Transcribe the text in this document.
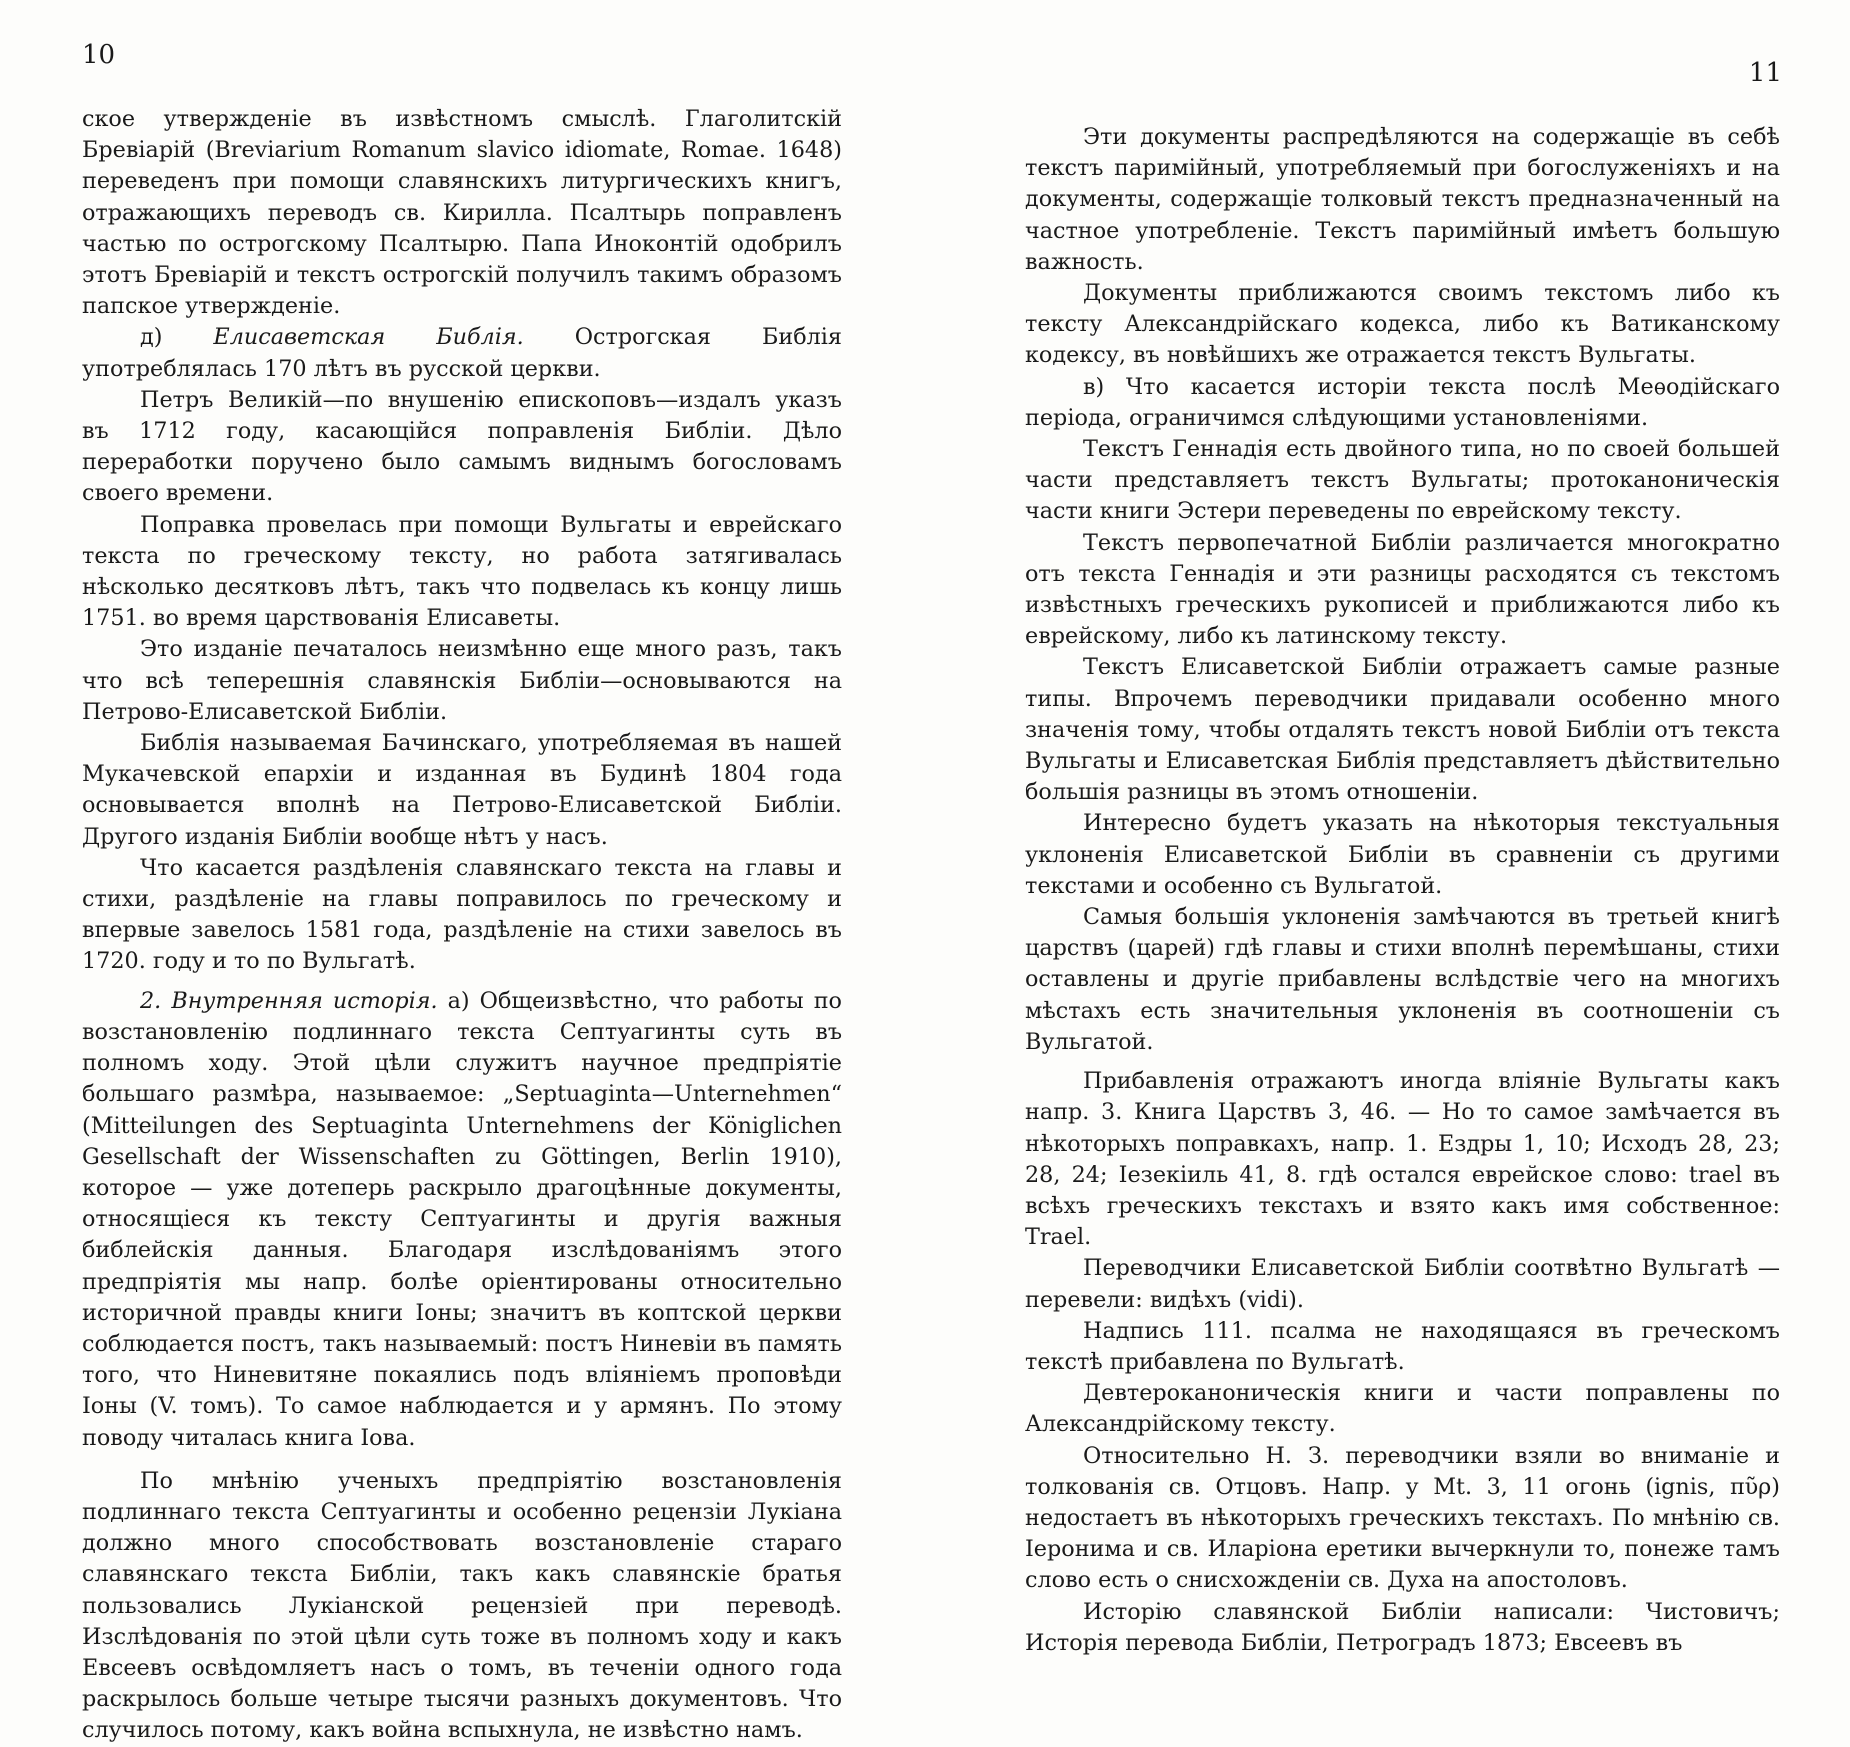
10

ское утвержденіе въ извѣстномъ смыслѣ. Глаголитскій Бревіарій (Breviarium Romanum slavico idiomate, Romae. 1648) переведенъ при помощи славянскихъ литургическихъ книгъ, отражающихъ переводъ св. Кирилла. Псалтырь поправленъ частью по острогскому Псалтырю. Папа Иноконтій одобрилъ этотъ Бревіарій и текстъ острогскій получилъ такимъ образомъ папское утвержденіе.

д) Елисаветская Библія. Острогская Библія употреблялась 170 лѣтъ въ русской церкви.

Петръ Великій—по внушенію епископовъ—издалъ указъ въ 1712 году, касающійся поправленія Библіи. Дѣло переработки поручено было самымъ виднымъ богословамъ своего времени.

Поправка провелась при помощи Вульгаты и еврейскаго текста по греческому тексту, но работа затягивалась нѣсколько десятковъ лѣтъ, такъ что подвелась къ концу лишь 1751. во время царствованія Елисаветы.

Это изданіе печаталось неизмѣнно еще много разъ, такъ что всѣ теперешнія славянскія Библіи—основываются на Петрово-Елисаветской Библіи.

Библія называемая Бачинскаго, употребляемая въ нашей Мукачевской епархіи и изданная въ Будинѣ 1804 года основывается вполнѣ на Петрово-Елисаветской Библіи. Другого изданія Библіи вообще нѣтъ у насъ.

Что касается раздѣленія славянскаго текста на главы и стихи, раздѣленіе на главы поправилось по греческому и впервые завелось 1581 года, раздѣленіе на стихи завелось въ 1720. году и то по Вульгатѣ.

2. Внутренняя исторія. а) Общеизвѣстно, что работы по возстановленію подлиннаго текста Септуагинты суть въ полномъ ходу. Этой цѣли служитъ научное предпріятіе большаго размѣра, называемое: „Septuaginta—Unternehmen“ (Mitteilungen des Septuaginta Unternehmens der Königlichen Gesellschaft der Wissenschaften zu Göttingen, Berlin 1910), которое — уже дотеперь раскрыло драгоцѣнные документы, относящіеся къ тексту Септуагинты и другія важныя библейскія данныя. Благодаря изслѣдованіямъ этого предпріятія мы напр. болѣе оріентированы относительно историчной правды книги Іоны; значитъ въ коптской церкви соблюдается постъ, такъ называемый: постъ Ниневіи въ память того, что Ниневитяне покаялись подъ вліяніемъ проповѣди Іоны (V. томъ). То самое наблюдается и у армянъ. По этому поводу читалась книга Іова.

По мнѣнію ученыхъ предпріятію возстановленія подлиннаго текста Септуагинты и особенно рецензіи Лукіана должно много способствовать возстановленіе стараго славянскаго текста Библіи, такъ какъ славянскіе братья пользовались Лукіанской рецензіей при переводѣ. Изслѣдованія по этой цѣли суть тоже въ полномъ ходу и какъ Евсеевъ освѣдомляетъ насъ о томъ, въ теченіи одного года раскрылось больше четыре тысячи разныхъ документовъ. Что случилось потому, какъ война вспыхнула, не извѣстно намъ.

11

Эти документы распредѣляются на содержащіе въ себѣ текстъ паримійный, употребляемый при богослуженіяхъ и на документы, содержащіе толковый текстъ предназначенный на частное употребленіе. Текстъ паримійный имѣетъ большую важность.

Документы приближаются своимъ текстомъ либо къ тексту Александрійскаго кодекса, либо къ Ватиканскому кодексу, въ новѣйшихъ же отражается текстъ Вульгаты.

в) Что касается исторіи текста послѣ Меѳодійскаго періода, ограничимся слѣдующими установленіями.

Текстъ Геннадія есть двойного типа, но по своей большей части представляетъ текстъ Вульгаты; протоканоническія части книги Эстери переведены по еврейскому тексту.

Текстъ первопечатной Библіи различается многократно отъ текста Геннадія и эти разницы расходятся съ текстомъ извѣстныхъ греческихъ рукописей и приближаются либо къ еврейскому, либо къ латинскому тексту.

Текстъ Елисаветской Библіи отражаетъ самые разные типы. Впрочемъ переводчики придавали особенно много значенія тому, чтобы отдалять текстъ новой Библіи отъ текста Вульгаты и Елисаветская Библія представляетъ дѣйствительно большія разницы въ этомъ отношеніи.

Интересно будетъ указать на нѣкоторыя текстуальныя уклоненія Елисаветской Библіи въ сравненіи съ другими текстами и особенно съ Вульгатой.

Самыя большія уклоненія замѣчаются въ третьей книгѣ царствъ (царей) гдѣ главы и стихи вполнѣ перемѣшаны, стихи оставлены и другіе прибавлены вслѣдствіе чего на многихъ мѣстахъ есть значительныя уклоненія въ соотношеніи съ Вульгатой.

Прибавленія отражаютъ иногда вліяніе Вульгаты какъ напр. 3. Книга Царствъ 3, 46. — Но то самое замѣчается въ нѣкоторыхъ поправкахъ, напр. 1. Ездры 1, 10; Исходъ 28, 23; 28, 24; Іезекіиль 41, 8. гдѣ остался еврейское слово: trael въ всѣхъ греческихъ текстахъ и взято какъ имя собственное: Trael.

Переводчики Елисаветской Библіи соотвѣтно Вульгатѣ — перевели: видѣхъ (vidi).

Надпись 111. псалма не находящаяся въ греческомъ текстѣ прибавлена по Вульгатѣ.

Девтероканоническія книги и части поправлены по Александрійскому тексту.

Относительно Н. З. переводчики взяли во вниманіе и толкованія св. Отцовъ. Напр. у Mt. 3, 11 огонь (ignis, πῦρ) недостаетъ въ нѣкоторыхъ греческихъ текстахъ. По мнѣнію св. Іеронима и св. Иларіона еретики вычеркнули то, понеже тамъ слово есть о снисхожденіи св. Духа на апостоловъ.

Исторію славянской Библіи написали: Чистовичъ; Исторія перевода Библіи, Петроградъ 1873; Евсеевъ въ
